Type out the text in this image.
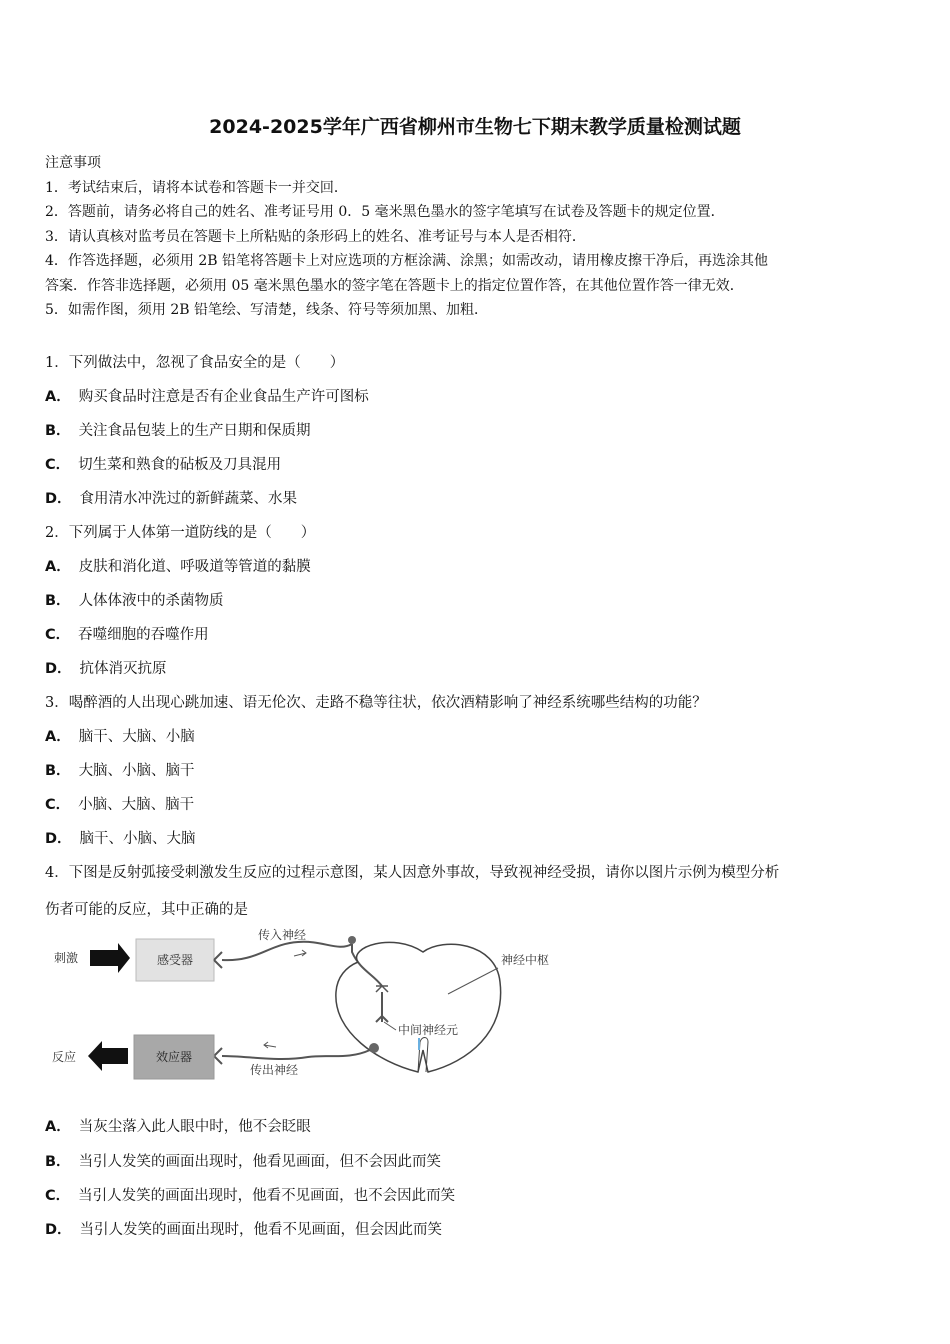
2024-2025学年广西省柳州市生物七下期末教学质量检测试题
注意事项
1．考试结束后，请将本试卷和答题卡一并交回．
2．答题前，请务必将自己的姓名、准考证号用 0．5 毫米黑色墨水的签字笔填写在试卷及答题卡的规定位置．
3．请认真核对监考员在答题卡上所粘贴的条形码上的姓名、准考证号与本人是否相符．
4．作答选择题，必须用 2B 铅笔将答题卡上对应选项的方框涂满、涂黑；如需改动，请用橡皮擦干净后，再选涂其他
答案．作答非选择题，必须用 05 毫米黑色墨水的签字笔在答题卡上的指定位置作答，在其他位置作答一律无效．
5．如需作图，须用 2B 铅笔绘、写清楚，线条、符号等须加黑、加粗．
1．下列做法中，忽视了食品安全的是（　　）
A． 购买食品时注意是否有企业食品生产许可图标
B． 关注食品包装上的生产日期和保质期
C． 切生菜和熟食的砧板及刀具混用
D． 食用清水冲洗过的新鲜蔬菜、水果
2．下列属于人体第一道防线的是（　　）
A． 皮肤和消化道、呼吸道等管道的黏膜
B． 人体体液中的杀菌物质
C． 吞噬细胞的吞噬作用
D． 抗体消灭抗原
3．喝醉酒的人出现心跳加速、语无伦次、走路不稳等往状，依次酒精影响了神经系统哪些结构的功能？
A． 脑干、大脑、小脑
B． 大脑、小脑、脑干
C． 小脑、大脑、脑干
D． 脑干、小脑、大脑
4．下图是反射弧接受刺激发生反应的过程示意图，某人因意外事故，导致视神经受损，请你以图片示例为模型分析
伤者可能的反应，其中正确的是
刺激	感受器
传入神经
中间神经元
神经中枢
传出神经
效应器
反应
A． 当灰尘落入此人眼中时，他不会眨眼
B． 当引人发笑的画面出现时，他看见画面，但不会因此而笑
C． 当引人发笑的画面出现时，他看不见画面，也不会因此而笑
D． 当引人发笑的画面出现时，他看不见画面，但会因此而笑
